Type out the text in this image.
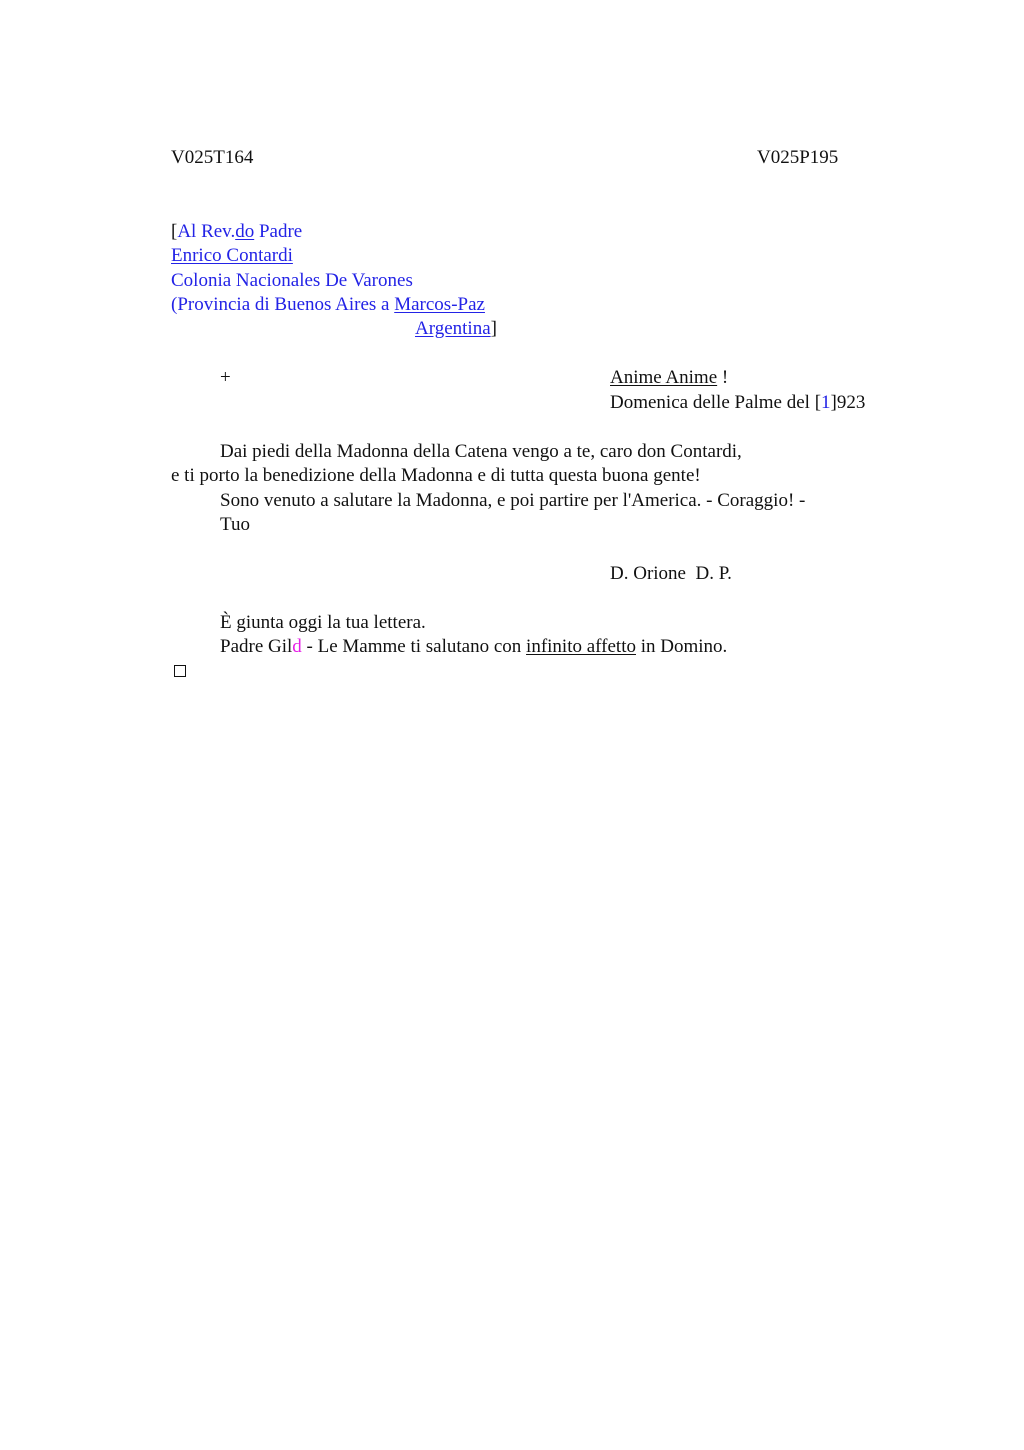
V025T164	V025P195
[Al Rev.do Padre
Enrico Contardi
Colonia Nacionales De Varones
(Provincia di Buenos Aires a Marcos-Paz
Argentina]
+	Anime Anime !
Domenica delle Palme del [1]923
Dai piedi della Madonna della Catena vengo a te, caro don Contardi,
e ti porto la benedizione della Madonna e di tutta questa buona gente!
Sono venuto a salutare la Madonna, e poi partire per l'America. - Coraggio! -
Tuo
D. Orione  D. P.
È giunta oggi la tua lettera.
Padre Gild - Le Mamme ti salutano con infinito affetto in Domino.
